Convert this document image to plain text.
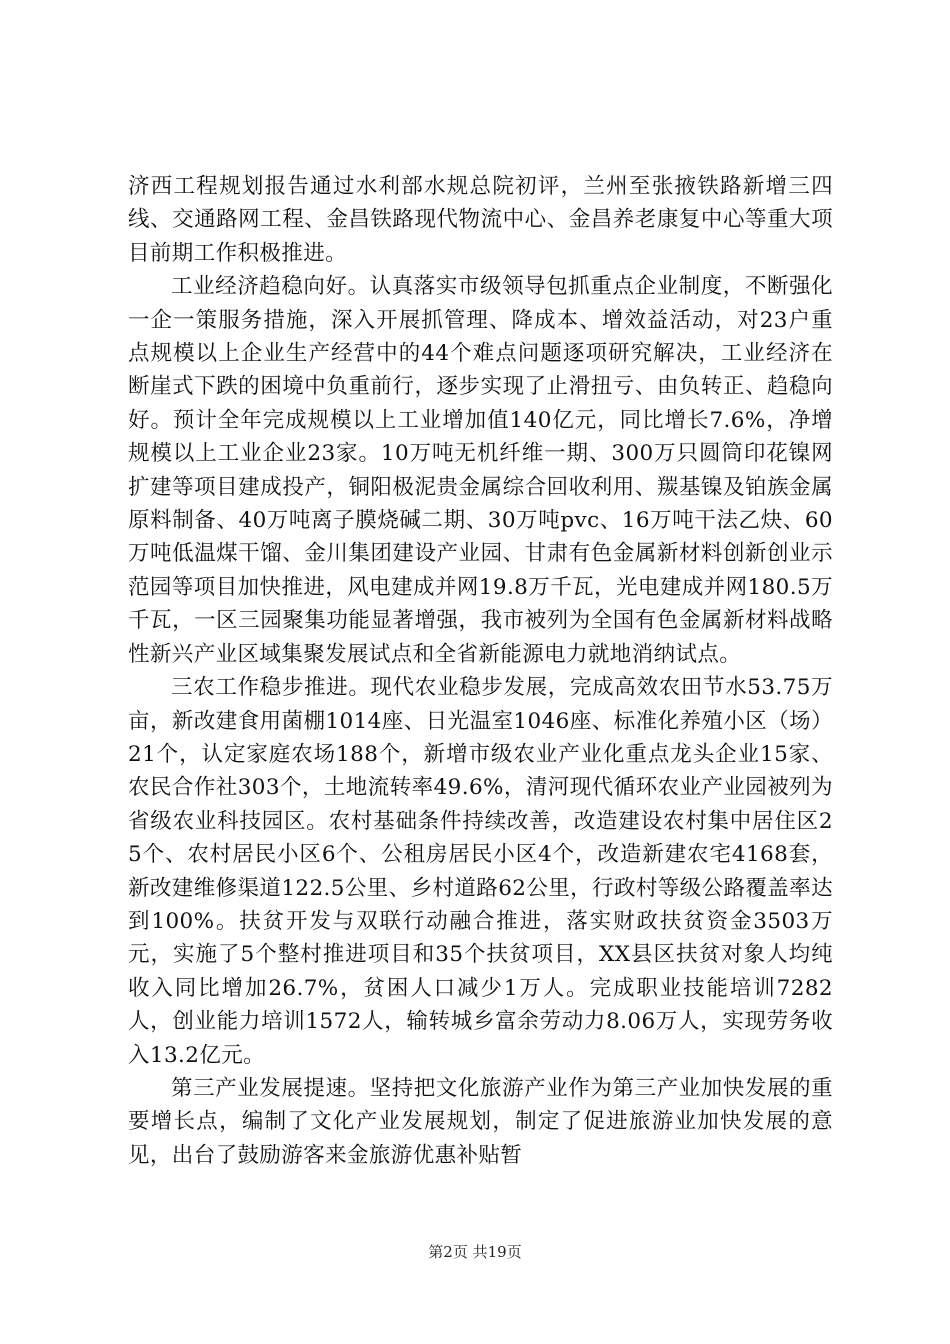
济西工程规划报告通过水利部水规总院初评，兰州至张掖铁路新增三四线、交通路网工程、金昌铁路现代物流中心、金昌养老康复中心等重大项目前期工作积极推进。

工业经济趋稳向好。认真落实市级领导包抓重点企业制度，不断强化一企一策服务措施，深入开展抓管理、降成本、增效益活动，对23户重点规模以上企业生产经营中的44个难点问题逐项研究解决，工业经济在断崖式下跌的困境中负重前行，逐步实现了止滑扭亏、由负转正、趋稳向好。预计全年完成规模以上工业增加值140亿元，同比增长7.6%，净增规模以上工业企业23家。10万吨无机纤维一期、300万只圆筒印花镍网扩建等项目建成投产，铜阳极泥贵金属综合回收利用、羰基镍及铂族金属原料制备、40万吨离子膜烧碱二期、30万吨pvc、16万吨干法乙炔、60万吨低温煤干馏、金川集团建设产业园、甘肃有色金属新材料创新创业示范园等项目加快推进，风电建成并网19.8万千瓦，光电建成并网180.5万千瓦，一区三园聚集功能显著增强，我市被列为全国有色金属新材料战略性新兴产业区域集聚发展试点和全省新能源电力就地消纳试点。

三农工作稳步推进。现代农业稳步发展，完成高效农田节水53.75万亩，新改建食用菌棚1014座、日光温室1046座、标准化养殖小区（场）21个，认定家庭农场188个，新增市级农业产业化重点龙头企业15家、农民合作社303个，土地流转率49.6%，清河现代循环农业产业园被列为省级农业科技园区。农村基础条件持续改善，改造建设农村集中居住区25个、农村居民小区6个、公租房居民小区4个，改造新建农宅4168套，新改建维修渠道122.5公里、乡村道路62公里，行政村等级公路覆盖率达到100%。扶贫开发与双联行动融合推进，落实财政扶贫资金3503万元，实施了5个整村推进项目和35个扶贫项目，XX县区扶贫对象人均纯收入同比增加26.7%，贫困人口减少1万人。完成职业技能培训7282人，创业能力培训1572人，输转城乡富余劳动力8.06万人，实现劳务收入13.2亿元。

第三产业发展提速。坚持把文化旅游产业作为第三产业加快发展的重要增长点，编制了文化产业发展规划，制定了促进旅游业加快发展的意见，出台了鼓励游客来金旅游优惠补贴暂

第2页 共19页
